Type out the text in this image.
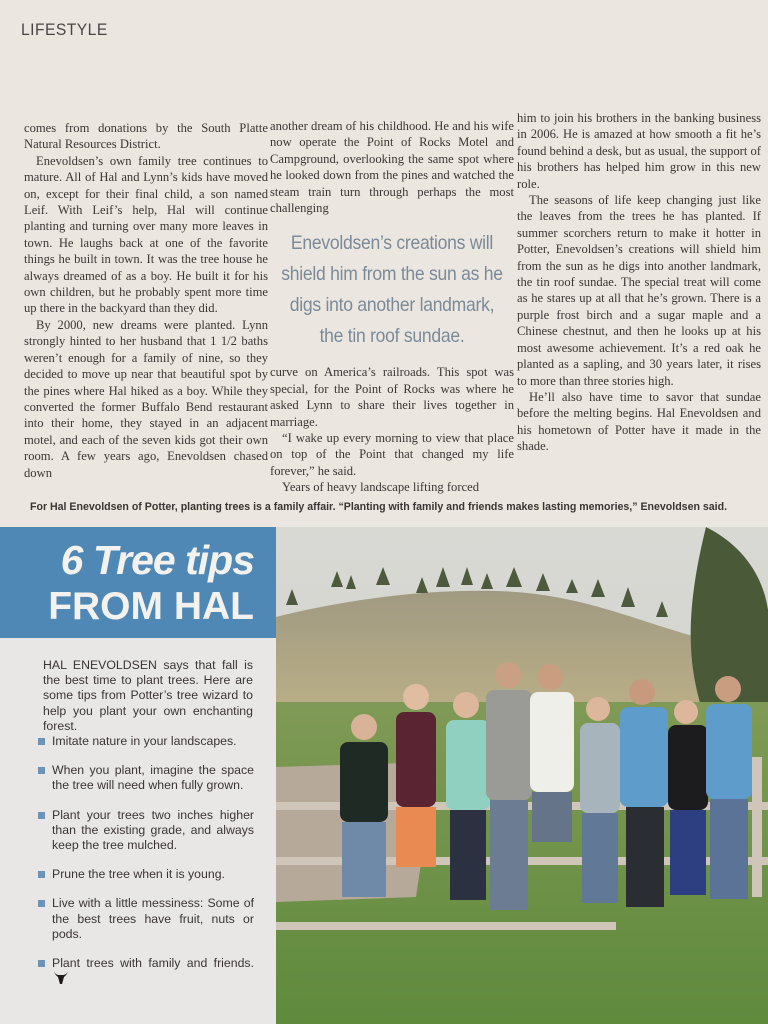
LIFESTYLE

comes from donations by the South Platte Natural Resources District.

Enevoldsen’s own family tree continues to mature. All of Hal and Lynn’s kids have moved on, except for their final child, a son named Leif. With Leif’s help, Hal will continue planting and turning over many more leaves in town. He laughs back at one of the favorite things he built in town. It was the tree house he always dreamed of as a boy. He built it for his own children, but he probably spent more time up there in the backyard than they did.

By 2000, new dreams were planted. Lynn strongly hinted to her husband that 1 1/2 baths weren’t enough for a family of nine, so they decided to move up near that beautiful spot by the pines where Hal hiked as a boy. While they converted the former Buffalo Bend restaurant into their home, they stayed in an adjacent motel, and each of the seven kids got their own room. A few years ago, Enevoldsen chased down

another dream of his childhood. He and his wife now operate the Point of Rocks Motel and Campground, overlooking the same spot where he looked down from the pines and watched the steam train turn through perhaps the most challenging

Enevoldsen’s creations will shield him from the sun as he digs into another landmark, the tin roof sundae.

curve on America’s railroads. This spot was special, for the Point of Rocks was where he asked Lynn to share their lives together in marriage.

“I wake up every morning to view that place on top of the Point that changed my life forever,” he said.

Years of heavy landscape lifting forced

him to join his brothers in the banking business in 2006. He is amazed at how smooth a fit he’s found behind a desk, but as usual, the support of his brothers has helped him grow in this new role.

The seasons of life keep changing just like the leaves from the trees he has planted. If summer scorchers return to make it hotter in Potter, Enevoldsen’s creations will shield him from the sun as he digs into another landmark, the tin roof sundae. The special treat will come as he stares up at all that he’s grown. There is a purple frost birch and a sugar maple and a Chinese chestnut, and then he looks up at his most awesome achievement. It’s a red oak he planted as a sapling, and 30 years later, it rises to more than three stories high.

He’ll also have time to savor that sundae before the melting begins. Hal Enevoldsen and his hometown of Potter have it made in the shade.

For Hal Enevoldsen of Potter, planting trees is a family affair. “Planting with family and friends makes lasting memories,” Enevoldsen said.
6 Tree tips
FROM HAL
HAL ENEVOLDSEN says that fall is the best time to plant trees. Here are some tips from Potter’s tree wizard to help you plant your own enchanting forest.
Imitate nature in your landscapes.
When you plant, imagine the space the tree will need when fully grown.
Plant your trees two inches higher than the existing grade, and always keep the tree mulched.
Prune the tree when it is young.
Live with a little messiness: Some of the best trees have fruit, nuts or pods.
Plant trees with family and friends.
